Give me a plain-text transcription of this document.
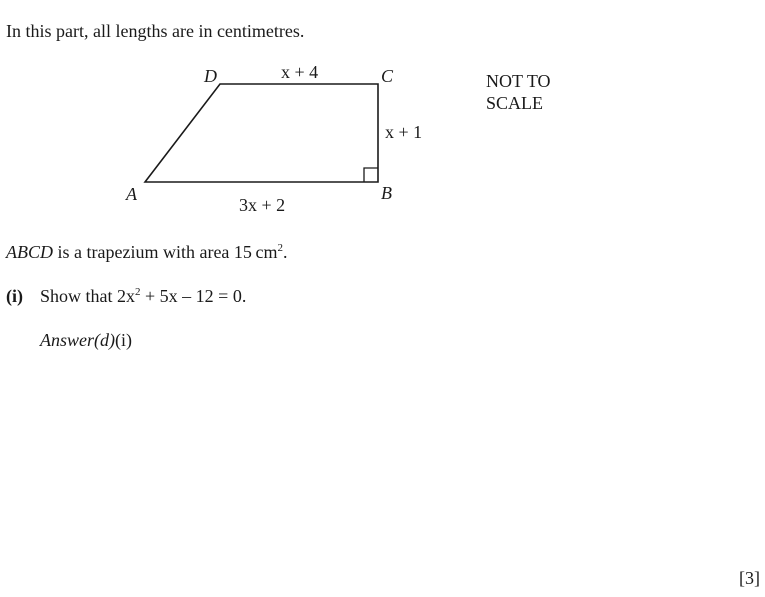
In this part, all lengths are in centimetres.
D	C
A	B
x + 4
x + 1
3x + 2
NOT TO
SCALE
ABCD is a trapezium with area 15 $cm^2$.
(i) Show that $2x^2 + 5x - 12 = 0$.
Answer(d)(i)
[3]
